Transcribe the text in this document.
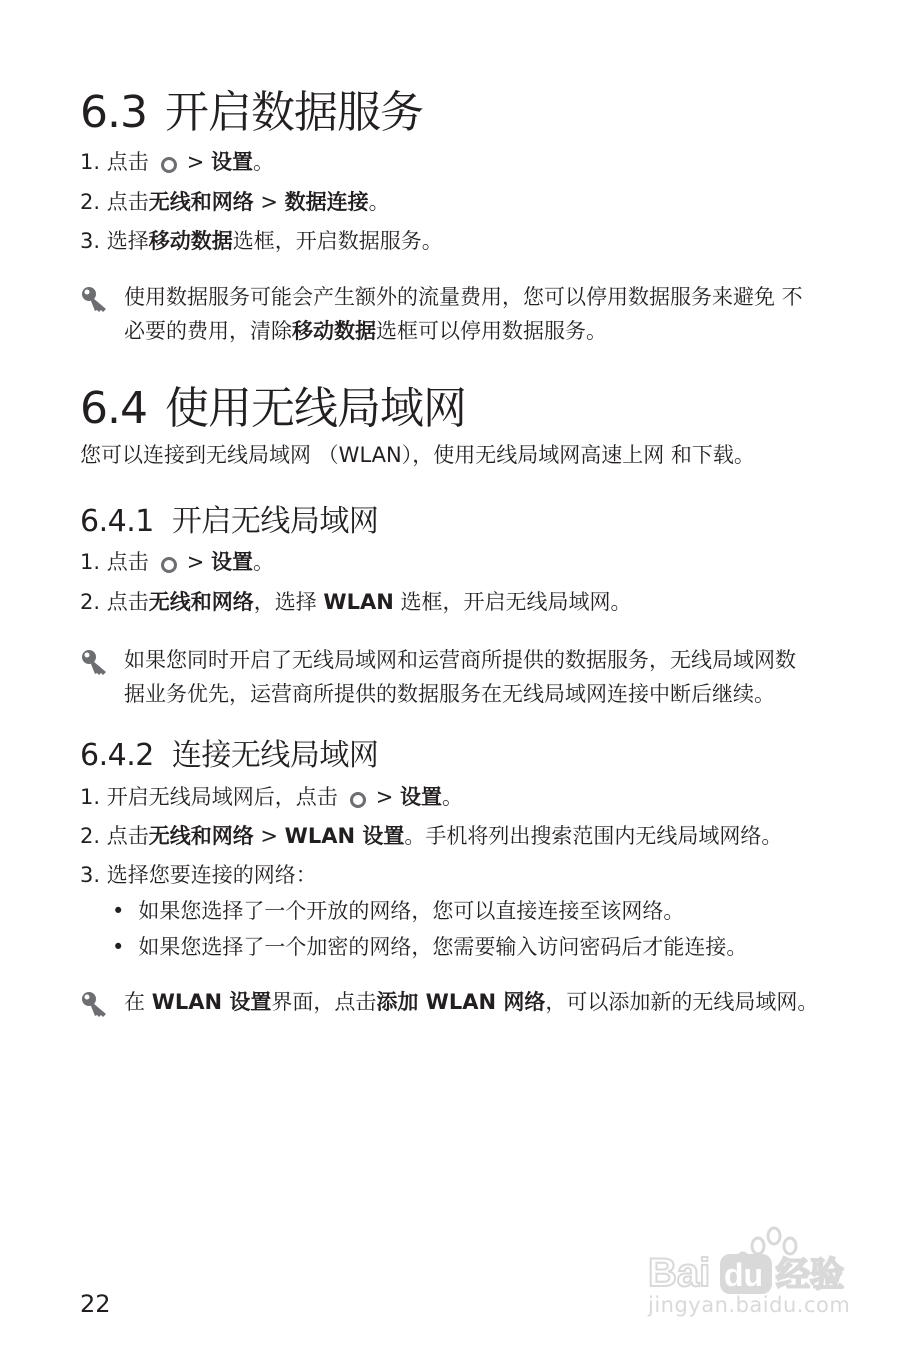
6.3 开启数据服务
1. 点击 > 设置。
2. 点击无线和网络 > 数据连接。
3. 选择移动数据选框，开启数据服务。
使用数据服务可能会产生额外的流量费用，您可以停用数据服务来避免 不
必要的费用，清除移动数据选框可以停用数据服务。
6.4 使用无线局域网
您可以连接到无线局域网 （WLAN），使用无线局域网高速上网 和下载。
6.4.1 开启无线局域网
1. 点击 > 设置。
2. 点击无线和网络，选择 WLAN 选框，开启无线局域网。
如果您同时开启了无线局域网和运营商所提供的数据服务，无线局域网数
据业务优先，运营商所提供的数据服务在无线局域网连接中断后继续。
6.4.2 连接无线局域网
1. 开启无线局域网后，点击 > 设置。
2. 点击无线和网络 > WLAN 设置。手机将列出搜索范围内无线局域网络。
3. 选择您要连接的网络：
• 如果您选择了一个开放的网络，您可以直接连接至该网络。
• 如果您选择了一个加密的网络，您需要输入访问密码后才能连接。
在 WLAN 设置界面，点击添加 WLAN 网络，可以添加新的无线局域网。
22
Bai du 经验
jingyan.baidu.com
